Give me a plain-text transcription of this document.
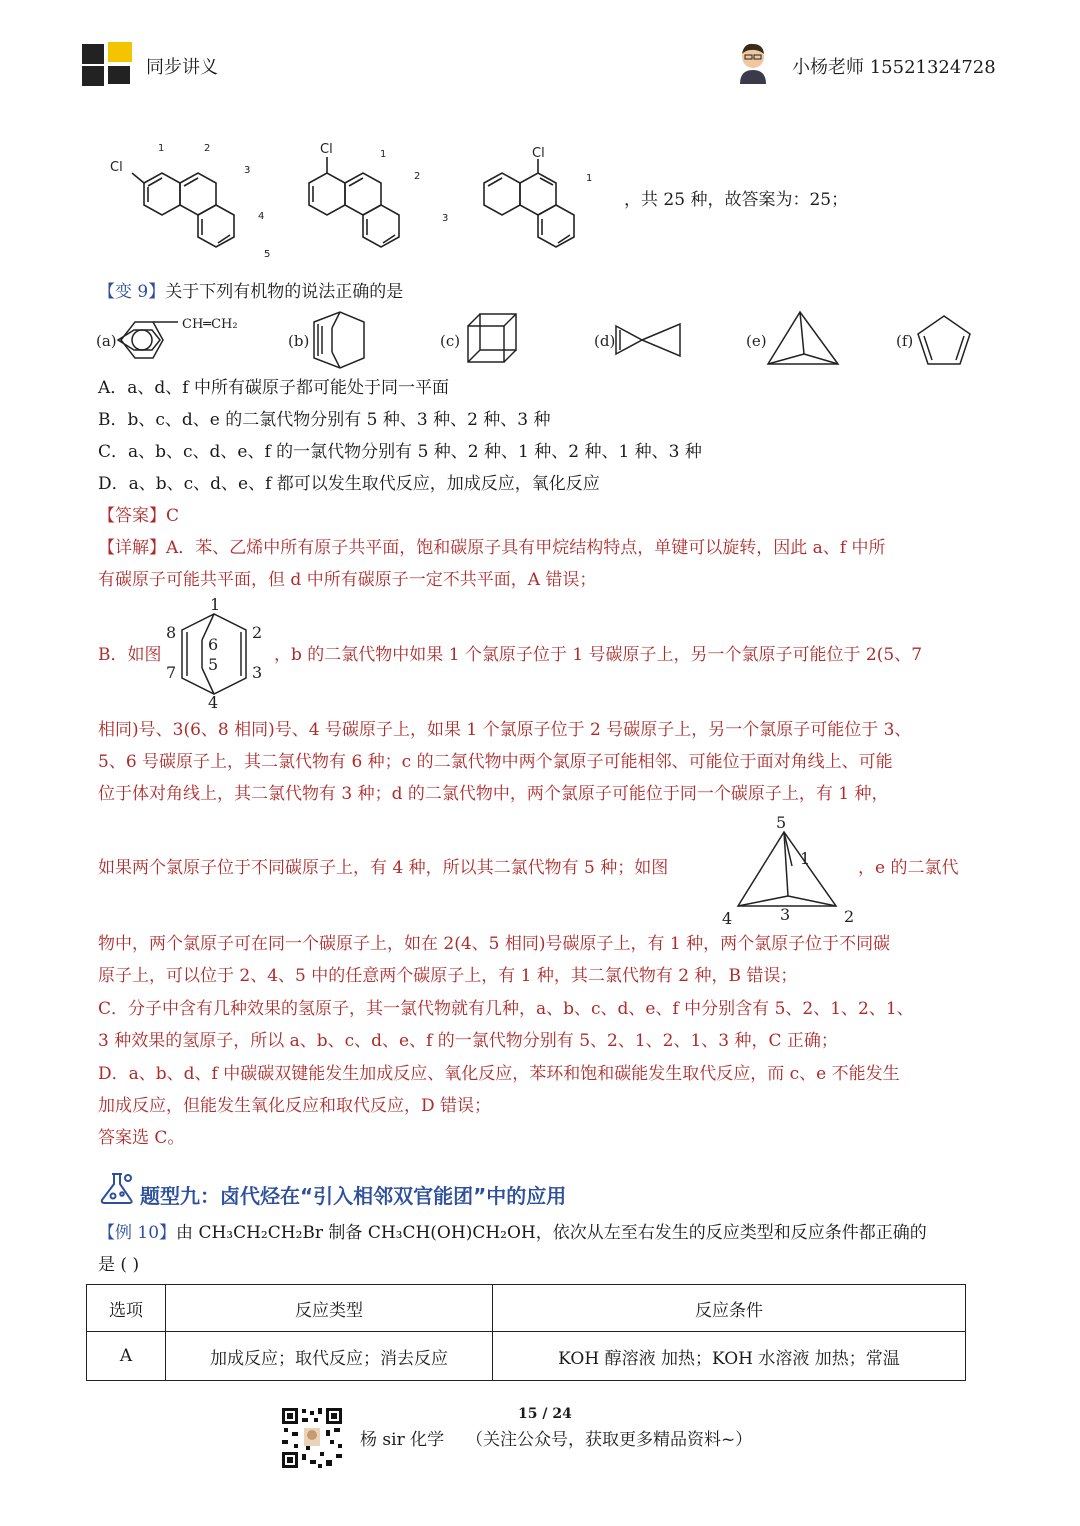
同步讲义	小杨老师 15521324728
Cl
1	2
3
4
5
Cl	1
2
3
Cl
1
，共 25 种，故答案为：25；
【变 9】关于下列有机物的说法正确的是
(a)
CH═CH₂
(b)	(c)	(d)	(e)	(f)
A．a、d、f 中所有碳原子都可能处于同一平面
B．b、c、d、e 的二氯代物分别有 5 种、3 种、2 种、3 种
C．a、b、c、d、e、f 的一氯代物分别有 5 种、2 种、1 种、2 种、1 种、3 种
D．a、b、c、d、e、f 都可以发生取代反应，加成反应，氧化反应
【答案】C
【详解】A．苯、乙烯中所有原子共平面，饱和碳原子具有甲烷结构特点，单键可以旋转，因此 a、f 中所
有碳原子可能共平面，但 d 中所有碳原子一定不共平面，A 错误；
B．如图
1
2
3
4
5
6
7
8
，b 的二氯代物中如果 1 个氯原子位于 1 号碳原子上，另一个氯原子可能位于 2(5、7
相同)号、3(6、8 相同)号、4 号碳原子上，如果 1 个氯原子位于 2 号碳原子上，另一个氯原子可能位于 3、
5、6 号碳原子上，其二氯代物有 6 种；c 的二氯代物中两个氯原子可能相邻、可能位于面对角线上、可能
位于体对角线上，其二氯代物有 3 种；d 的二氯代物中，两个氯原子可能位于同一个碳原子上，有 1 种，
如果两个氯原子位于不同碳原子上，有 4 种，所以其二氯代物有 5 种；如图
5
1
4	3	2
，e 的二氯代
物中，两个氯原子可在同一个碳原子上，如在 2(4、5 相同)号碳原子上，有 1 种，两个氯原子位于不同碳
原子上，可以位于 2、4、5 中的任意两个碳原子上，有 1 种，其二氯代物有 2 种，B 错误；
C．分子中含有几种效果的氢原子，其一氯代物就有几种，a、b、c、d、e、f 中分别含有 5、2、1、2、1、
3 种效果的氢原子，所以 a、b、c、d、e、f 的一氯代物分别有 5、2、1、2、1、3 种，C 正确；
D．a、b、d、f 中碳碳双键能发生加成反应、氧化反应，苯环和饱和碳能发生取代反应，而 c、e 不能发生
加成反应，但能发生氧化反应和取代反应，D 错误；
答案选 C。
题型九：卤代烃在“引入相邻双官能团”中的应用
【例 10】由 CH₃CH₂CH₂Br 制备 CH₃CH(OH)CH₂OH，依次从左至右发生的反应类型和反应条件都正确的
是 ( )
选项	反应类型	反应条件
A	加成反应；取代反应；消去反应	KOH 醇溶液 加热；KOH 水溶液 加热；常温
15 / 24
杨 sir 化学 （关注公众号，获取更多精品资料~）
